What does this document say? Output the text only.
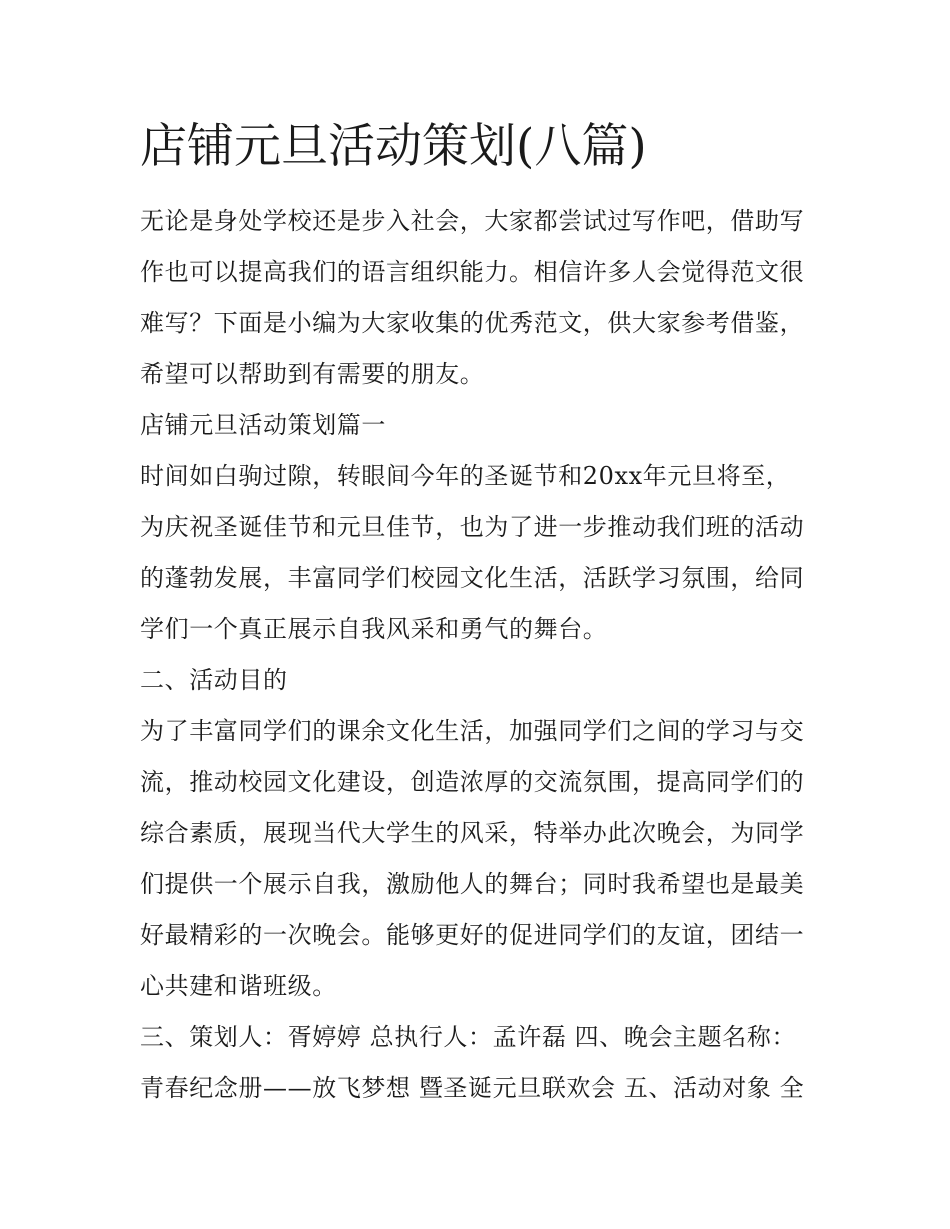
店铺元旦活动策划(八篇)

无论是身处学校还是步入社会，大家都尝试过写作吧，借助写
作也可以提高我们的语言组织能力。相信许多人会觉得范文很
难写？下面是小编为大家收集的优秀范文，供大家参考借鉴，
希望可以帮助到有需要的朋友。

店铺元旦活动策划篇一

时间如白驹过隙，转眼间今年的圣诞节和20xx年元旦将至，
为庆祝圣诞佳节和元旦佳节，也为了进一步推动我们班的活动
的蓬勃发展，丰富同学们校园文化生活，活跃学习氛围，给同
学们一个真正展示自我风采和勇气的舞台。

二、活动目的

为了丰富同学们的课余文化生活，加强同学们之间的学习与交
流，推动校园文化建设，创造浓厚的交流氛围，提高同学们的
综合素质，展现当代大学生的风采，特举办此次晚会，为同学
们提供一个展示自我，激励他人的舞台；同时我希望也是最美
好最精彩的一次晚会。能够更好的促进同学们的友谊，团结一
心共建和谐班级。

三、策划人：胥婷婷 总执行人：孟许磊 四、晚会主题名称：
青春纪念册——放飞梦想 暨圣诞元旦联欢会 五、活动对象 全
